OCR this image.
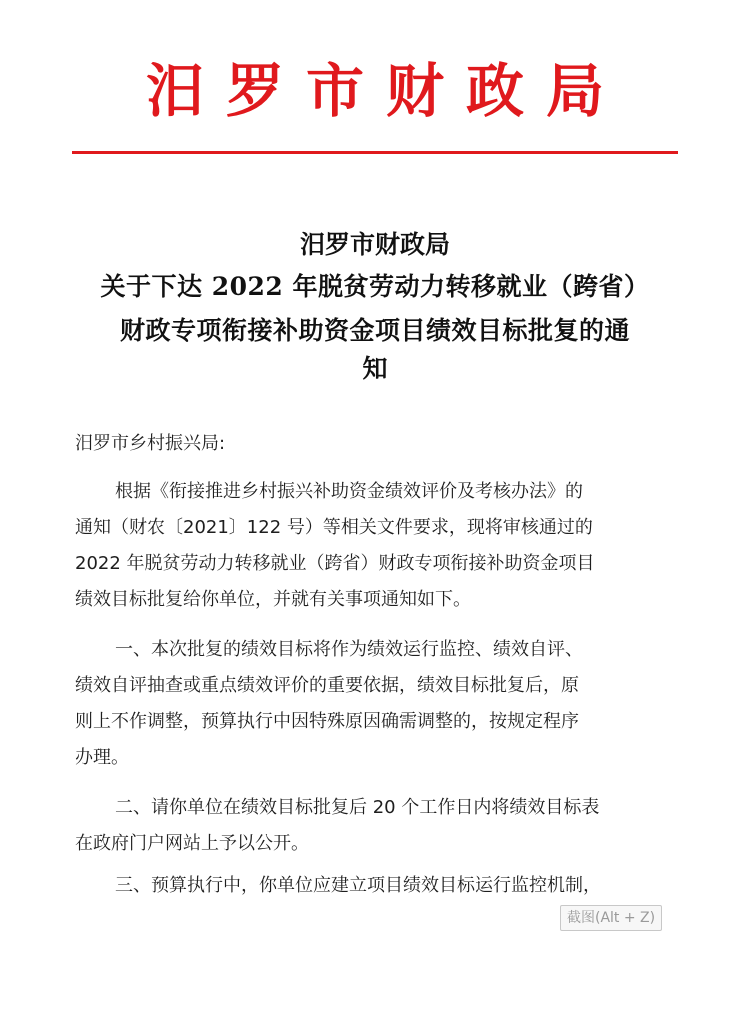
汨罗市财政局
汨罗市财政局
关于下达 2022 年脱贫劳动力转移就业（跨省）
财政专项衔接补助资金项目绩效目标批复的通
知
汨罗市乡村振兴局:
根据《衔接推进乡村振兴补助资金绩效评价及考核办法》的
通知（财农〔2021〕122 号）等相关文件要求，现将审核通过的
2022 年脱贫劳动力转移就业（跨省）财政专项衔接补助资金项目
绩效目标批复给你单位，并就有关事项通知如下。
一、本次批复的绩效目标将作为绩效运行监控、绩效自评、
绩效自评抽查或重点绩效评价的重要依据，绩效目标批复后，原
则上不作调整，预算执行中因特殊原因确需调整的，按规定程序
办理。
二、请你单位在绩效目标批复后 20 个工作日内将绩效目标表
在政府门户网站上予以公开。
三、预算执行中，你单位应建立项目绩效目标运行监控机制，
截图(Alt + Z)
